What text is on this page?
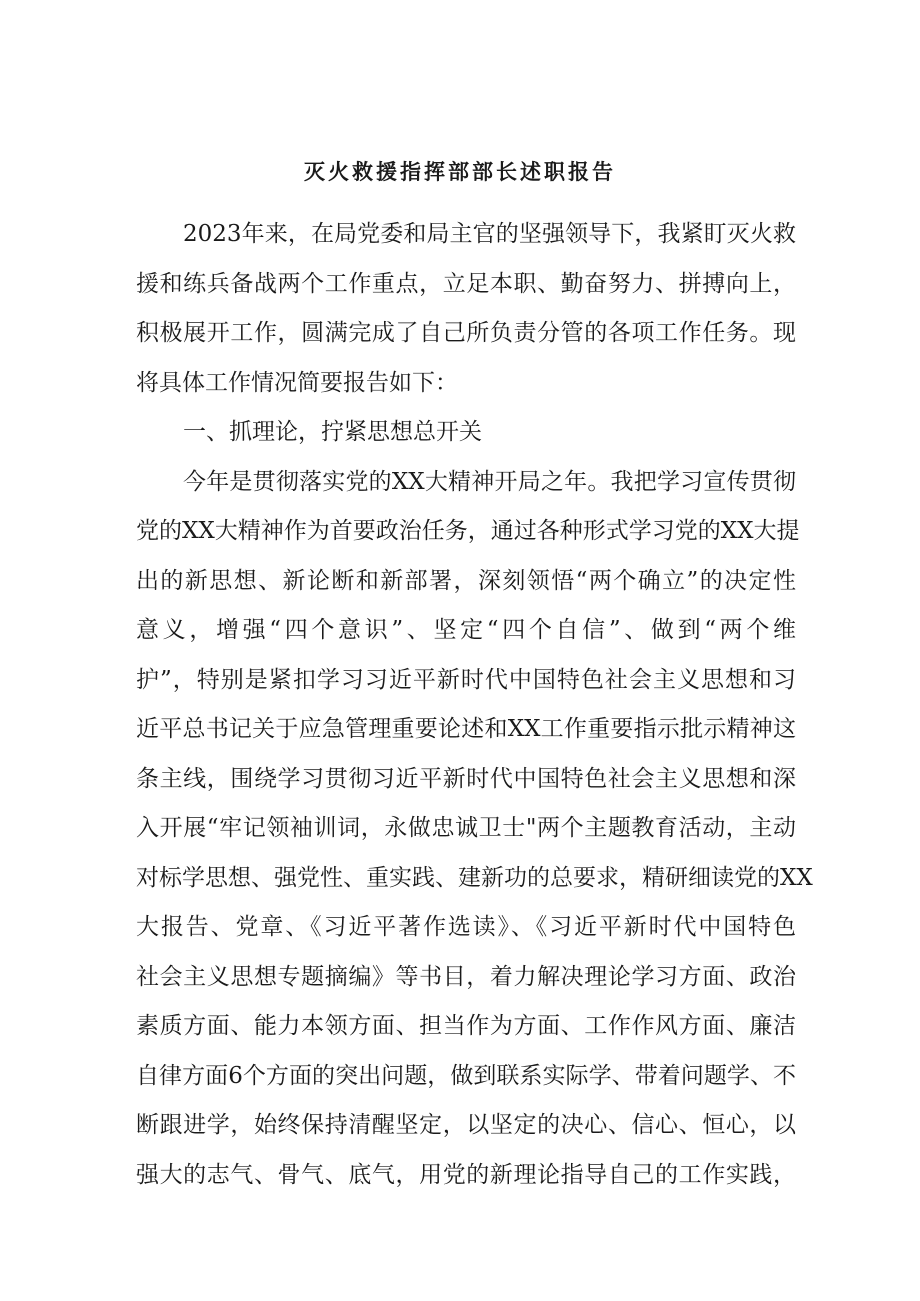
灭火救援指挥部部长述职报告
2023年来，在局党委和局主官的坚强领导下，我紧盯灭火救
援和练兵备战两个工作重点，立足本职、勤奋努力、拼搏向上，
积极展开工作，圆满完成了自己所负责分管的各项工作任务。现
将具体工作情况简要报告如下：
一、抓理论，拧紧思想总开关
今年是贯彻落实党的XX大精神开局之年。我把学习宣传贯彻
党的XX大精神作为首要政治任务，通过各种形式学习党的XX大提
出的新思想、新论断和新部署，深刻领悟“两个确立”的决定性
意义，增强“四个意识”、坚定“四个自信”、做到“两个维
护”，特别是紧扣学习习近平新时代中国特色社会主义思想和习
近平总书记关于应急管理重要论述和XX工作重要指示批示精神这
条主线，围绕学习贯彻习近平新时代中国特色社会主义思想和深
入开展“牢记领袖训词，永做忠诚卫士"两个主题教育活动，主动
对标学思想、强党性、重实践、建新功的总要求，精研细读党的XX
大报告、党章、《习近平著作选读》、《习近平新时代中国特色
社会主义思想专题摘编》等书目，着力解决理论学习方面、政治
素质方面、能力本领方面、担当作为方面、工作作风方面、廉洁
自律方面6个方面的突出问题，做到联系实际学、带着问题学、不
断跟进学，始终保持清醒坚定，以坚定的决心、信心、恒心，以
强大的志气、骨气、底气，用党的新理论指导自己的工作实践，
